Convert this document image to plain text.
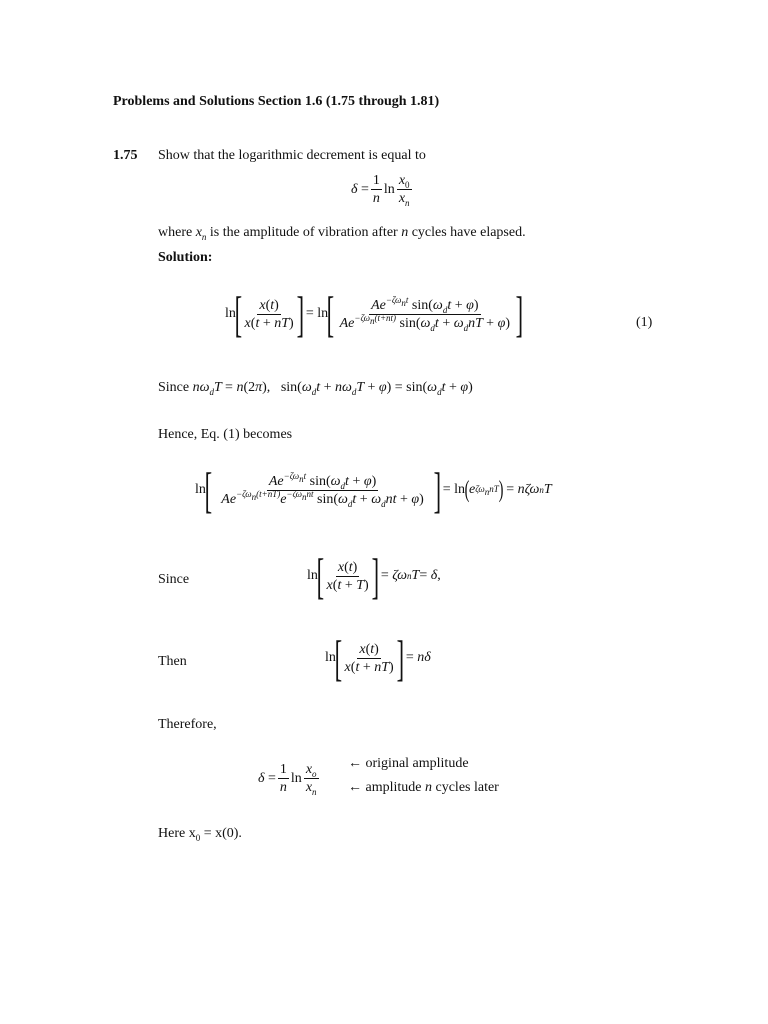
Problems and Solutions Section 1.6 (1.75 through 1.81)
1.75 Show that the logarithmic decrement is equal to
δ
= $\frac{1}{n}$ $\ln \frac{x_0}{x_n}$
where $x_n$ is the amplitude of vibration after n cycles have elapsed.
Solution:
ln
[ $\frac{x(t)}{x(t + nT)}$ ]
=
ln
[ $\frac{Ae^{-\zeta\omega_nt} \sin(\omega_dt + \varphi)}{Ae^{-\zeta\omega_n(t+nt)} \sin(\omega_dt + \omega_dnT + \varphi)}$ ]	(1)
Since $n\omega_dT = n(2\pi)$, $\sin(\omega_dt + n\omega_dT + \varphi) = \sin(\omega_dt + \varphi)$
Hence, Eq. (1) becomes
ln
[ $\frac{Ae^{-\zeta\omega_nt} \sin(\omega_dt + \varphi)}{Ae^{-\zeta\omega_n(t+nT)}e^{-\zeta\omega_nnt} \sin(\omega_dt + \omega_dnt + \varphi)}$ ]
=
ln ( e $\zeta\omega_nnT$ )
= nζω n T
Since	ln
[ $\frac{x(t)}{x(t + T)}$ ]
= ζω n T = δ ,
Then	ln
[ $\frac{x(t)}{x(t + nT)}$ ]
= nδ
Therefore,
δ
= $\frac{1}{n}$ $\ln \frac{x_o}{x_n}$ ← original amplitude
← amplitude n cycles later
Here $x_0 = x(0)$.
